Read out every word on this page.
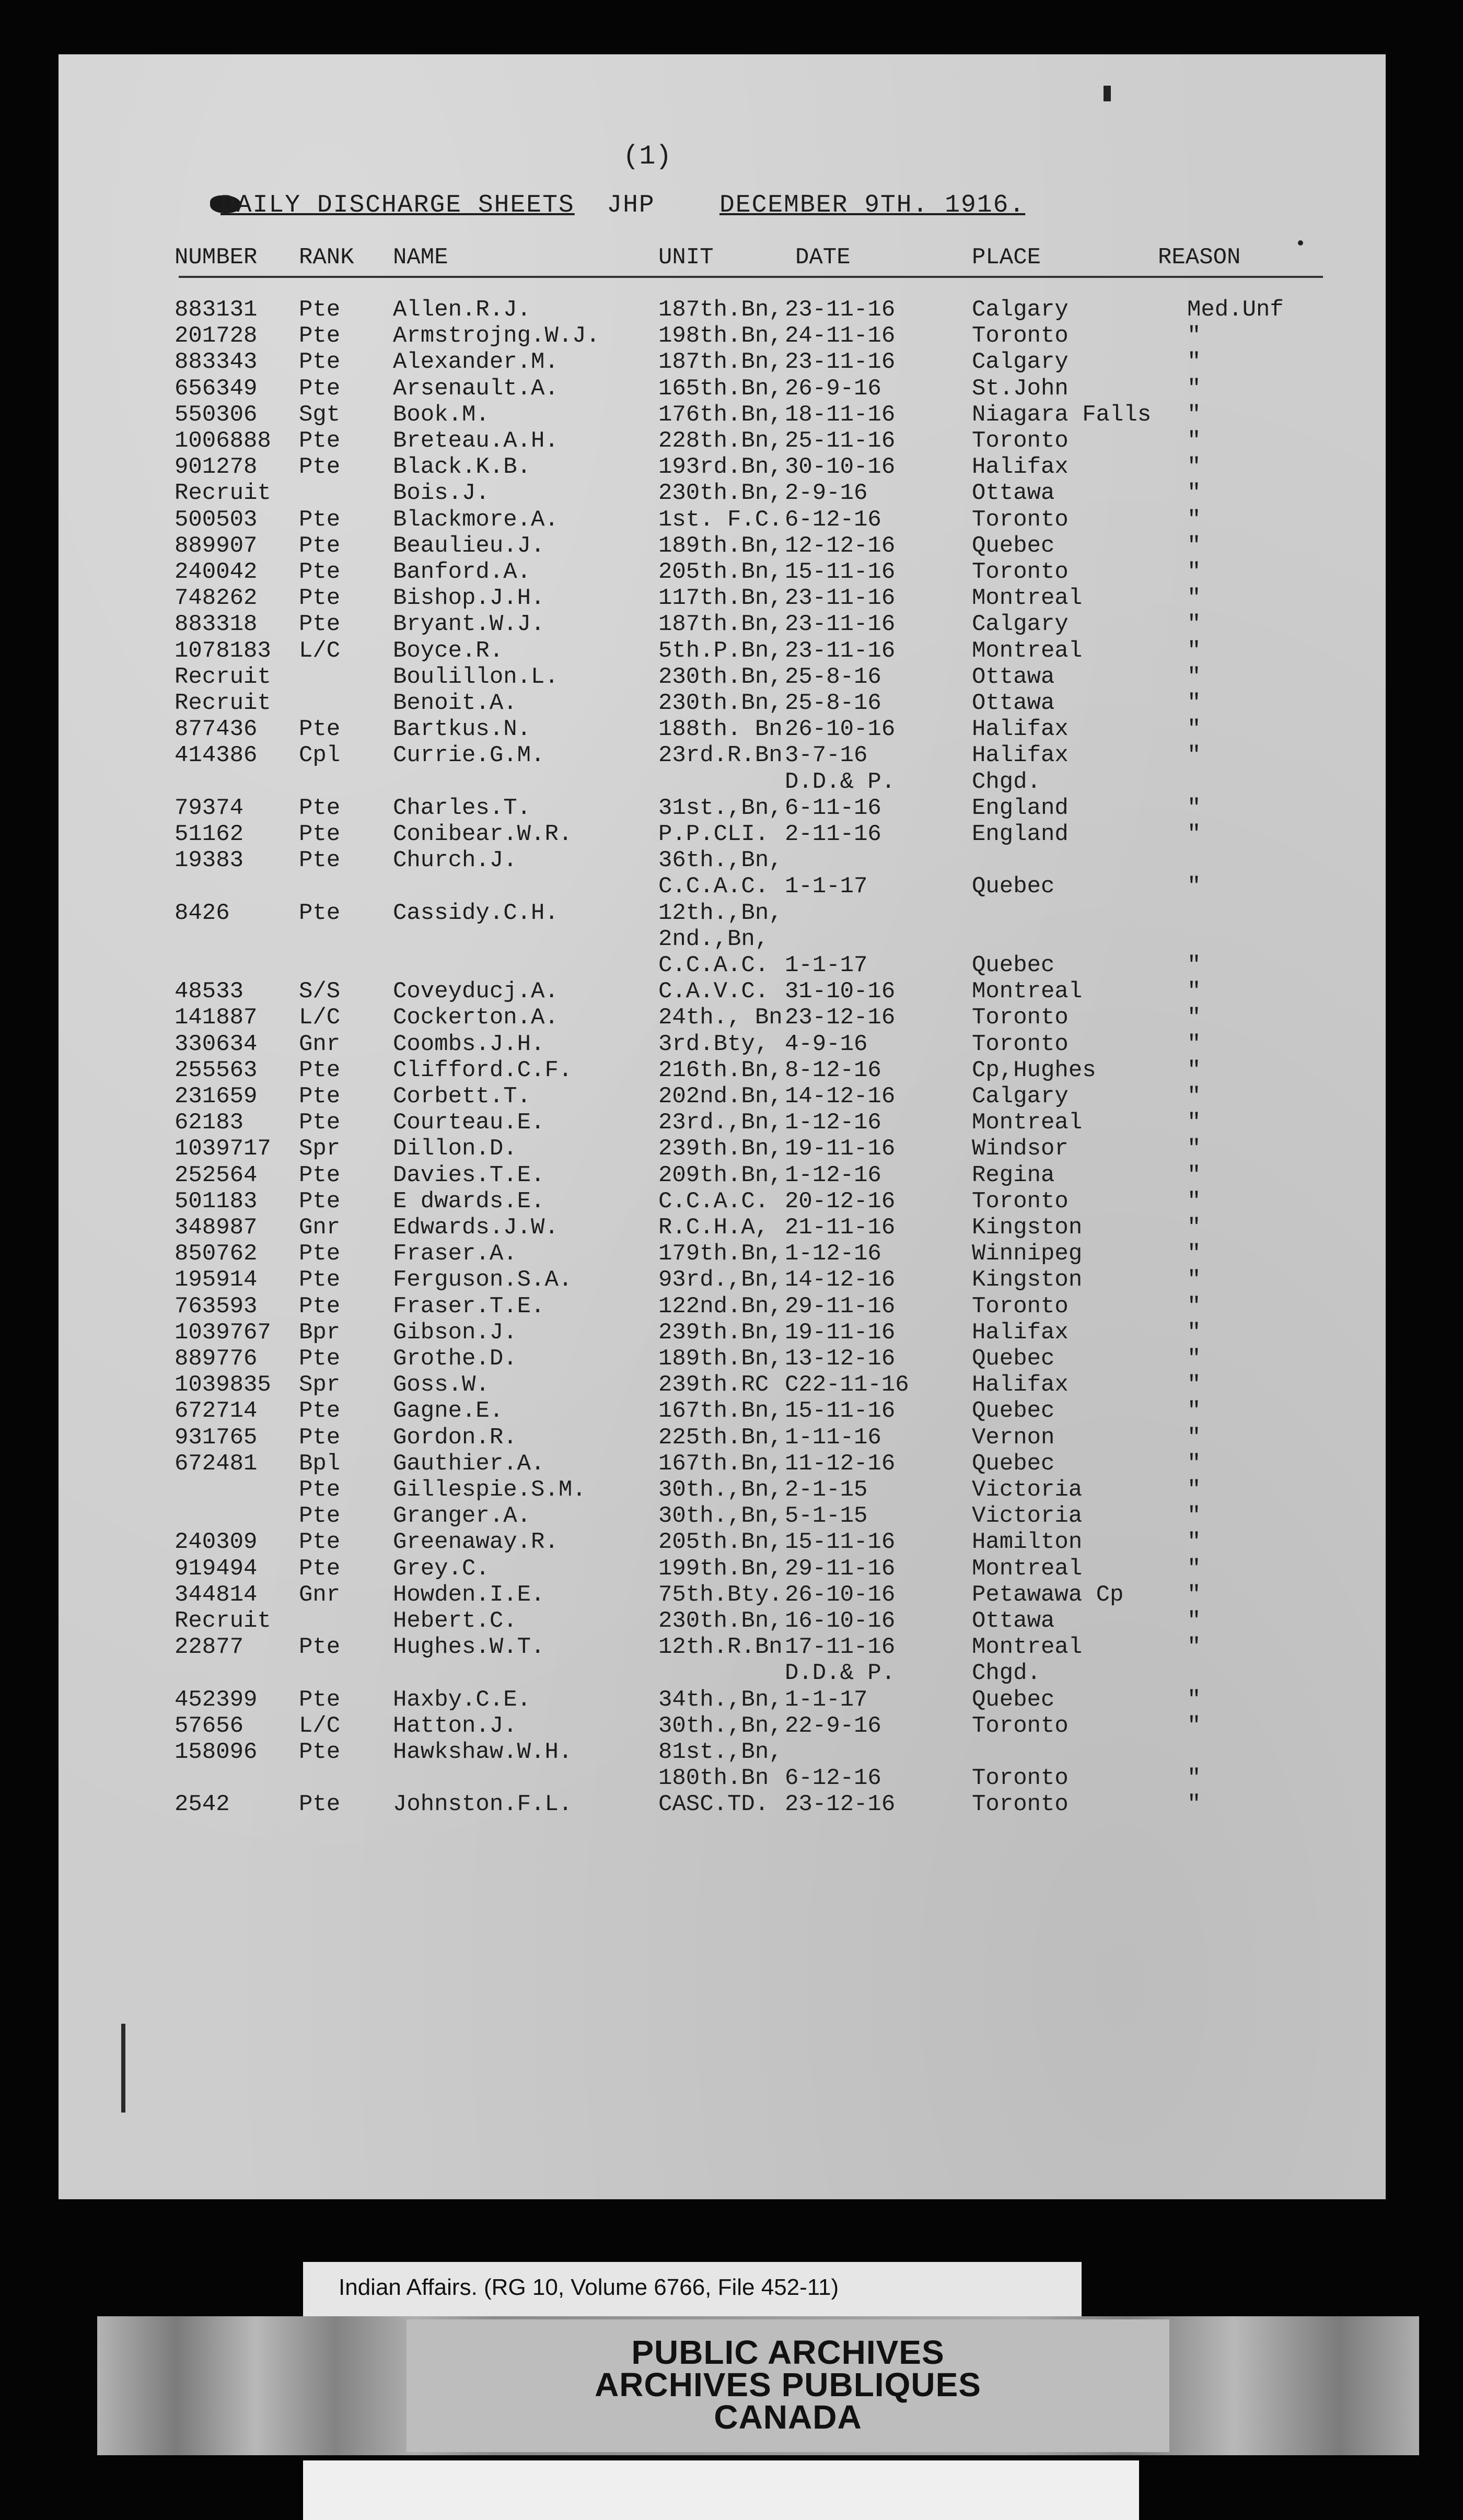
(1)
DAILY DISCHARGE SHEETS JHP	DECEMBER 9TH. 1916.
NUMBER RANK NAME	UNIT	DATE	PLACE	REASON
883131 Pte Allen.R.J.	187th.Bn, 23-11-16	Calgary	Med.Unf
201728 Pte Armstrojng.W.J.	198th.Bn, 24-11-16	Toronto	"
883343 Pte Alexander.M.	187th.Bn, 23-11-16	Calgary	"
656349 Pte Arsenault.A.	165th.Bn, 26-9-16	St.John	"
550306 Sgt Book.M.	176th.Bn, 18-11-16	Niagara Falls "
1006888 Pte Breteau.A.H.	228th.Bn, 25-11-16	Toronto	"
901278 Pte Black.K.B.	193rd.Bn, 30-10-16	Halifax	"
Recruit	Bois.J.	230th.Bn, 2-9-16	Ottawa	"
500503 Pte Blackmore.A.	1st. F.C. 6-12-16	Toronto	"
889907 Pte Beaulieu.J.	189th.Bn, 12-12-16	Quebec	"
240042 Pte Banford.A.	205th.Bn, 15-11-16	Toronto	"
748262 Pte Bishop.J.H.	117th.Bn, 23-11-16	Montreal	"
883318 Pte Bryant.W.J.	187th.Bn, 23-11-16	Calgary	"
1078183 L/C Boyce.R.	5th.P.Bn, 23-11-16	Montreal	"
Recruit	Boulillon.L.	230th.Bn, 25-8-16	Ottawa	"
Recruit	Benoit.A.	230th.Bn, 25-8-16	Ottawa	"
877436 Pte Bartkus.N.	188th. Bn 26-10-16	Halifax	"
414386 Cpl Currie.G.M.	23rd.R.Bn 3-7-16	Halifax	"
D.D.& P.	Chgd.
79374 Pte Charles.T.	31st.,Bn, 6-11-16	England	"
51162 Pte Conibear.W.R.	P.P.CLI. 2-11-16	England	"
19383 Pte Church.J.	36th.,Bn,
C.C.A.C. 1-1-17	Quebec	"
8426	Pte Cassidy.C.H.	12th.,Bn,
2nd.,Bn,
C.C.A.C. 1-1-17	Quebec	"
48533 S/S Coveyducj.A.	C.A.V.C. 31-10-16	Montreal	"
141887 L/C Cockerton.A.	24th., Bn 23-12-16	Toronto	"
330634 Gnr Coombs.J.H.	3rd.Bty, 4-9-16	Toronto	"
255563 Pte Clifford.C.F.	216th.Bn, 8-12-16	Cp,Hughes	"
231659 Pte Corbett.T.	202nd.Bn, 14-12-16	Calgary	"
62183 Pte Courteau.E.	23rd.,Bn, 1-12-16	Montreal	"
1039717 Spr Dillon.D.	239th.Bn, 19-11-16	Windsor	"
252564 Pte Davies.T.E.	209th.Bn, 1-12-16	Regina	"
501183 Pte E dwards.E.	C.C.A.C. 20-12-16	Toronto	"
348987 Gnr Edwards.J.W.	R.C.H.A, 21-11-16	Kingston	"
850762 Pte Fraser.A.	179th.Bn, 1-12-16	Winnipeg	"
195914 Pte Ferguson.S.A.	93rd.,Bn, 14-12-16	Kingston	"
763593 Pte Fraser.T.E.	122nd.Bn, 29-11-16	Toronto	"
1039767 Bpr Gibson.J.	239th.Bn, 19-11-16	Halifax	"
889776 Pte Grothe.D.	189th.Bn, 13-12-16	Quebec	"
1039835 Spr Goss.W.	239th.RC C22-11-16	Halifax	"
672714 Pte Gagne.E.	167th.Bn, 15-11-16	Quebec	"
931765 Pte Gordon.R.	225th.Bn, 1-11-16	Vernon	"
672481 Bpl Gauthier.A.	167th.Bn, 11-12-16	Quebec	"
Pte Gillespie.S.M.	30th.,Bn, 2-1-15	Victoria	"
Pte Granger.A.	30th.,Bn, 5-1-15	Victoria	"
240309 Pte Greenaway.R.	205th.Bn, 15-11-16	Hamilton	"
919494 Pte Grey.C.	199th.Bn, 29-11-16	Montreal	"
344814 Gnr Howden.I.E.	75th.Bty. 26-10-16	Petawawa Cp	"
Recruit	Hebert.C.	230th.Bn, 16-10-16	Ottawa	"
22877 Pte Hughes.W.T.	12th.R.Bn 17-11-16	Montreal	"
D.D.& P.	Chgd.
452399 Pte Haxby.C.E.	34th.,Bn, 1-1-17	Quebec	"
57656 L/C Hatton.J.	30th.,Bn, 22-9-16	Toronto	"
158096 Pte Hawkshaw.W.H.	81st.,Bn,
180th.Bn 6-12-16	Toronto	"
2542	Pte Johnston.F.L.	CASC.TD. 23-12-16	Toronto	"
Indian Affairs. (RG 10, Volume 6766, File 452-11)
PUBLIC ARCHIVES
ARCHIVES PUBLIQUES
CANADA
